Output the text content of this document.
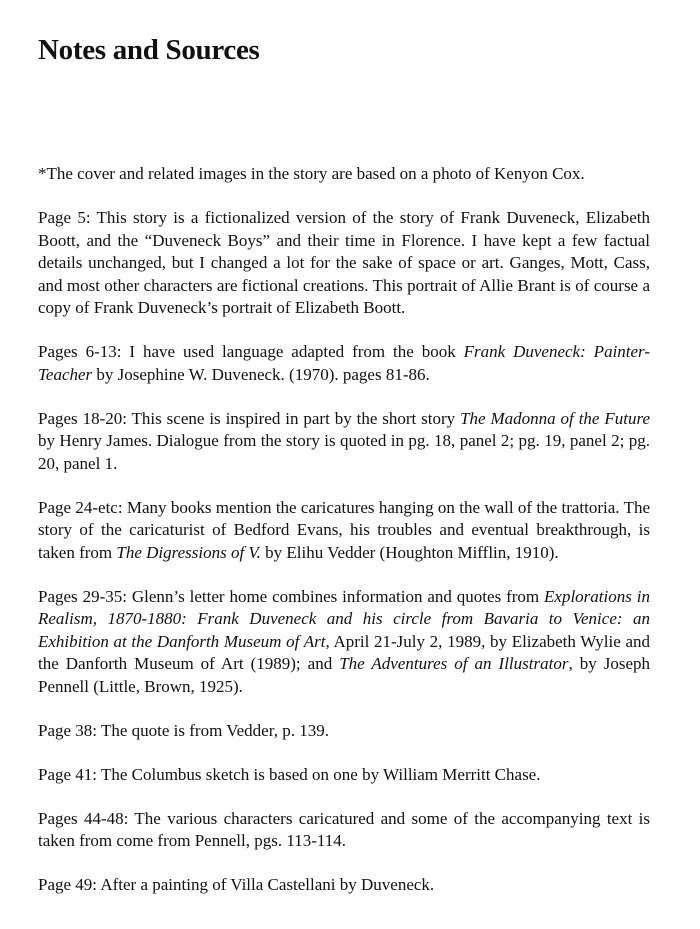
Notes and Sources

*The cover and related images in the story are based on a photo of Kenyon Cox.

Page 5: This story is a fictionalized version of the story of Frank Duveneck, Elizabeth Boott, and the “Duveneck Boys” and their time in Florence. I have kept a few factual details unchanged, but I changed a lot for the sake of space or art. Ganges, Mott, Cass, and most other characters are fictional creations. This portrait of Allie Brant is of course a copy of Frank Duveneck’s portrait of Elizabeth Boott.

Pages 6-13: I have used language adapted from the book Frank Duveneck: Painter-Teacher by Josephine W. Duveneck. (1970). pages 81-86.

Pages 18-20: This scene is inspired in part by the short story The Madonna of the Future by Henry James. Dialogue from the story is quoted in pg. 18, panel 2; pg. 19, panel 2; pg. 20, panel 1.

Page 24-etc: Many books mention the caricatures hanging on the wall of the trattoria. The story of the caricaturist of Bedford Evans, his troubles and eventual breakthrough, is taken from The Digressions of V. by Elihu Vedder (Houghton Mifflin, 1910).

Pages 29-35: Glenn’s letter home combines information and quotes from Explorations in Realism, 1870-1880: Frank Duveneck and his circle from Bavaria to Venice: an Exhibition at the Danforth Museum of Art, April 21-July 2, 1989, by Elizabeth Wylie and the Danforth Museum of Art (1989); and The Adventures of an Illustrator, by Joseph Pennell (Little, Brown, 1925).

Page 38: The quote is from Vedder, p. 139.

Page 41: The Columbus sketch is based on one by William Merritt Chase.

Pages 44-48: The various characters caricatured and some of the accompanying text is taken from come from Pennell, pgs. 113-114.

Page 49: After a painting of Villa Castellani by Duveneck.
